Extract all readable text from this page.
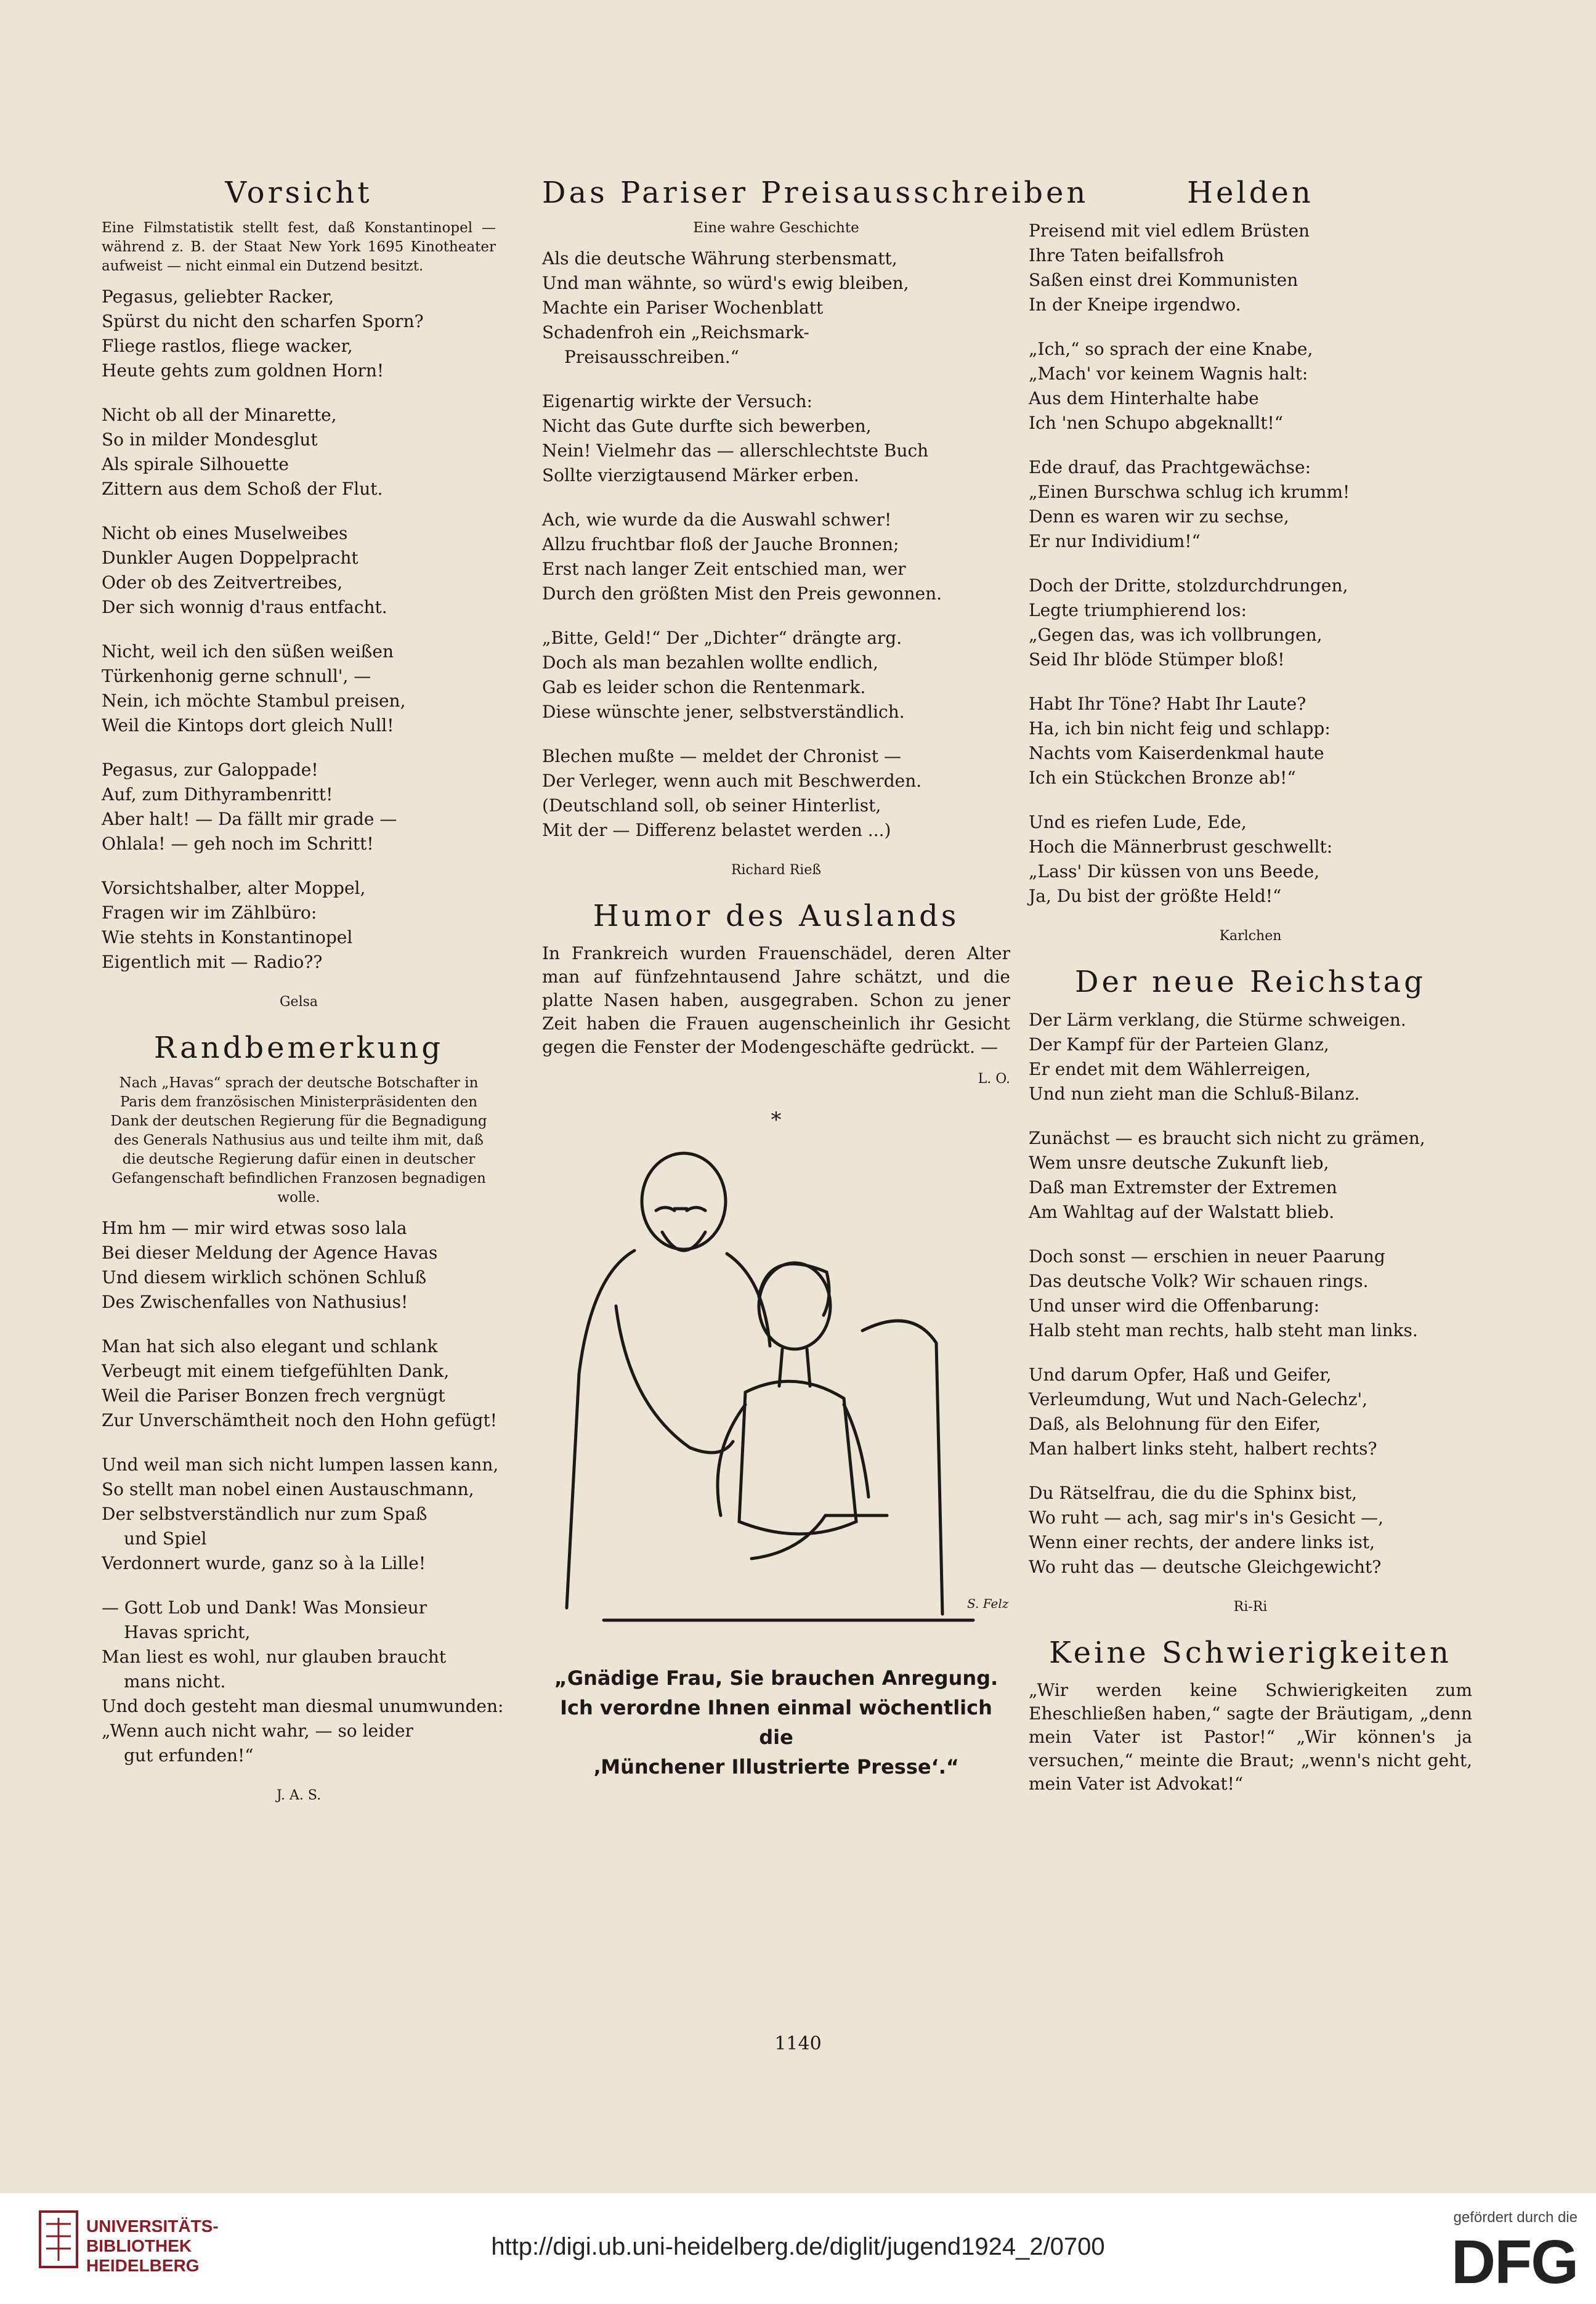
Vorsicht
Eine Filmstatistik stellt fest, daß Konstantinopel — während z. B. der Staat New York 1695 Kinotheater aufweist — nicht einmal ein Dutzend besitzt.
Pegasus, geliebter Racker,
Spürst du nicht den scharfen Sporn?
Fliege rastlos, fliege wacker,
Heute gehts zum goldnen Horn!
Nicht ob all der Minarette,
So in milder Mondesglut
Als spirale Silhouette
Zittern aus dem Schoß der Flut.
Nicht ob eines Muselweibes
Dunkler Augen Doppelpracht
Oder ob des Zeitvertreibes,
Der sich wonnig d'raus entfacht.
Nicht, weil ich den süßen weißen
Türkenhonig gerne schnull', —
Nein, ich möchte Stambul preisen,
Weil die Kintops dort gleich Null!
Pegasus, zur Galoppade!
Auf, zum Dithyrambenritt!
Aber halt! — Da fällt mir grade —
Ohlala! — geh noch im Schritt!
Vorsichtshalber, alter Moppel,
Fragen wir im Zählbüro:
Wie stehts in Konstantinopel
Eigentlich mit — Radio??
Gelsa
Randbemerkung
Nach „Havas“ sprach der deutsche Botschafter in Paris dem französischen Ministerpräsidenten den Dank der deutschen Regierung für die Begnadigung des Generals Nathusius aus und teilte ihm mit, daß die deutsche Regierung dafür einen in deutscher Gefangenschaft befindlichen Franzosen begnadigen wolle.
Hm hm — mir wird etwas soso lala
Bei dieser Meldung der Agence Havas
Und diesem wirklich schönen Schluß
Des Zwischenfalles von Nathusius!
Man hat sich also elegant und schlank
Verbeugt mit einem tiefgefühlten Dank,
Weil die Pariser Bonzen frech vergnügt
Zur Unverschämtheit noch den Hohn gefügt!
Und weil man sich nicht lumpen lassen kann,
So stellt man nobel einen Austauschmann,
Der selbstverständlich nur zum Spaß
und Spiel
Verdonnert wurde, ganz so à la Lille!
— Gott Lob und Dank! Was Monsieur
Havas spricht,
Man liest es wohl, nur glauben braucht
mans nicht.
Und doch gesteht man diesmal unumwunden:
„Wenn auch nicht wahr, — so leider
gut erfunden!“
J. A. S.
Das Pariser Preisausschreiben
Eine wahre Geschichte
Als die deutsche Währung sterbensmatt,
Und man wähnte, so würd's ewig bleiben,
Machte ein Pariser Wochenblatt
Schadenfroh ein „Reichsmark-
Preisausschreiben.“
Eigenartig wirkte der Versuch:
Nicht das Gute durfte sich bewerben,
Nein! Vielmehr das — allerschlechtste Buch
Sollte vierzigtausend Märker erben.
Ach, wie wurde da die Auswahl schwer!
Allzu fruchtbar floß der Jauche Bronnen;
Erst nach langer Zeit entschied man, wer
Durch den größten Mist den Preis gewonnen.
„Bitte, Geld!“ Der „Dichter“ drängte arg.
Doch als man bezahlen wollte endlich,
Gab es leider schon die Rentenmark.
Diese wünschte jener, selbstverständlich.
Blechen mußte — meldet der Chronist —
Der Verleger, wenn auch mit Beschwerden.
(Deutschland soll, ob seiner Hinterlist,
Mit der — Differenz belastet werden ...)
Richard Rieß
Humor des Auslands
In Frankreich wurden Frauenschädel, deren Alter man auf fünfzehntausend Jahre schätzt, und die platte Nasen haben, ausgegraben. Schon zu jener Zeit haben die Frauen augenscheinlich ihr Gesicht gegen die Fenster der Modengeschäfte gedrückt. —
L. O.
*
S. Felz
„Gnädige Frau, Sie brauchen Anregung.
Ich verordne Ihnen einmal wöchentlich die
‚Münchener Illustrierte Presse‘.“
Helden
Preisend mit viel edlem Brüsten
Ihre Taten beifallsfroh
Saßen einst drei Kommunisten
In der Kneipe irgendwo.
„Ich,“ so sprach der eine Knabe,
„Mach' vor keinem Wagnis halt:
Aus dem Hinterhalte habe
Ich 'nen Schupo abgeknallt!“
Ede drauf, das Prachtgewächse:
„Einen Burschwa schlug ich krumm!
Denn es waren wir zu sechse,
Er nur Individium!“
Doch der Dritte, stolzdurchdrungen,
Legte triumphierend los:
„Gegen das, was ich vollbrungen,
Seid Ihr blöde Stümper bloß!
Habt Ihr Töne? Habt Ihr Laute?
Ha, ich bin nicht feig und schlapp:
Nachts vom Kaiserdenkmal haute
Ich ein Stückchen Bronze ab!“
Und es riefen Lude, Ede,
Hoch die Männerbrust geschwellt:
„Lass' Dir küssen von uns Beede,
Ja, Du bist der größte Held!“
Karlchen
Der neue Reichstag
Der Lärm verklang, die Stürme schweigen.
Der Kampf für der Parteien Glanz,
Er endet mit dem Wählerreigen,
Und nun zieht man die Schluß-Bilanz.
Zunächst — es braucht sich nicht zu grämen,
Wem unsre deutsche Zukunft lieb,
Daß man Extremster der Extremen
Am Wahltag auf der Walstatt blieb.
Doch sonst — erschien in neuer Paarung
Das deutsche Volk? Wir schauen rings.
Und unser wird die Offenbarung:
Halb steht man rechts, halb steht man links.
Und darum Opfer, Haß und Geifer,
Verleumdung, Wut und Nach-Gelechz',
Daß, als Belohnung für den Eifer,
Man halbert links steht, halbert rechts?
Du Rätselfrau, die du die Sphinx bist,
Wo ruht — ach, sag mir's in's Gesicht —,
Wenn einer rechts, der andere links ist,
Wo ruht das — deutsche Gleichgewicht?
Ri-Ri
Keine Schwierigkeiten
„Wir werden keine Schwierigkeiten zum Eheschließen haben,“ sagte der Bräutigam, „denn mein Vater ist Pastor!“ „Wir können's ja versuchen,“ meinte die Braut; „wenn's nicht geht, mein Vater ist Advokat!“
1140
UNIVERSITÄTS-
BIBLIOTHEK
HEIDELBERG
http://digi.ub.uni-heidelberg.de/diglit/jugend1924_2/0700
gefördert durch die
DFG
